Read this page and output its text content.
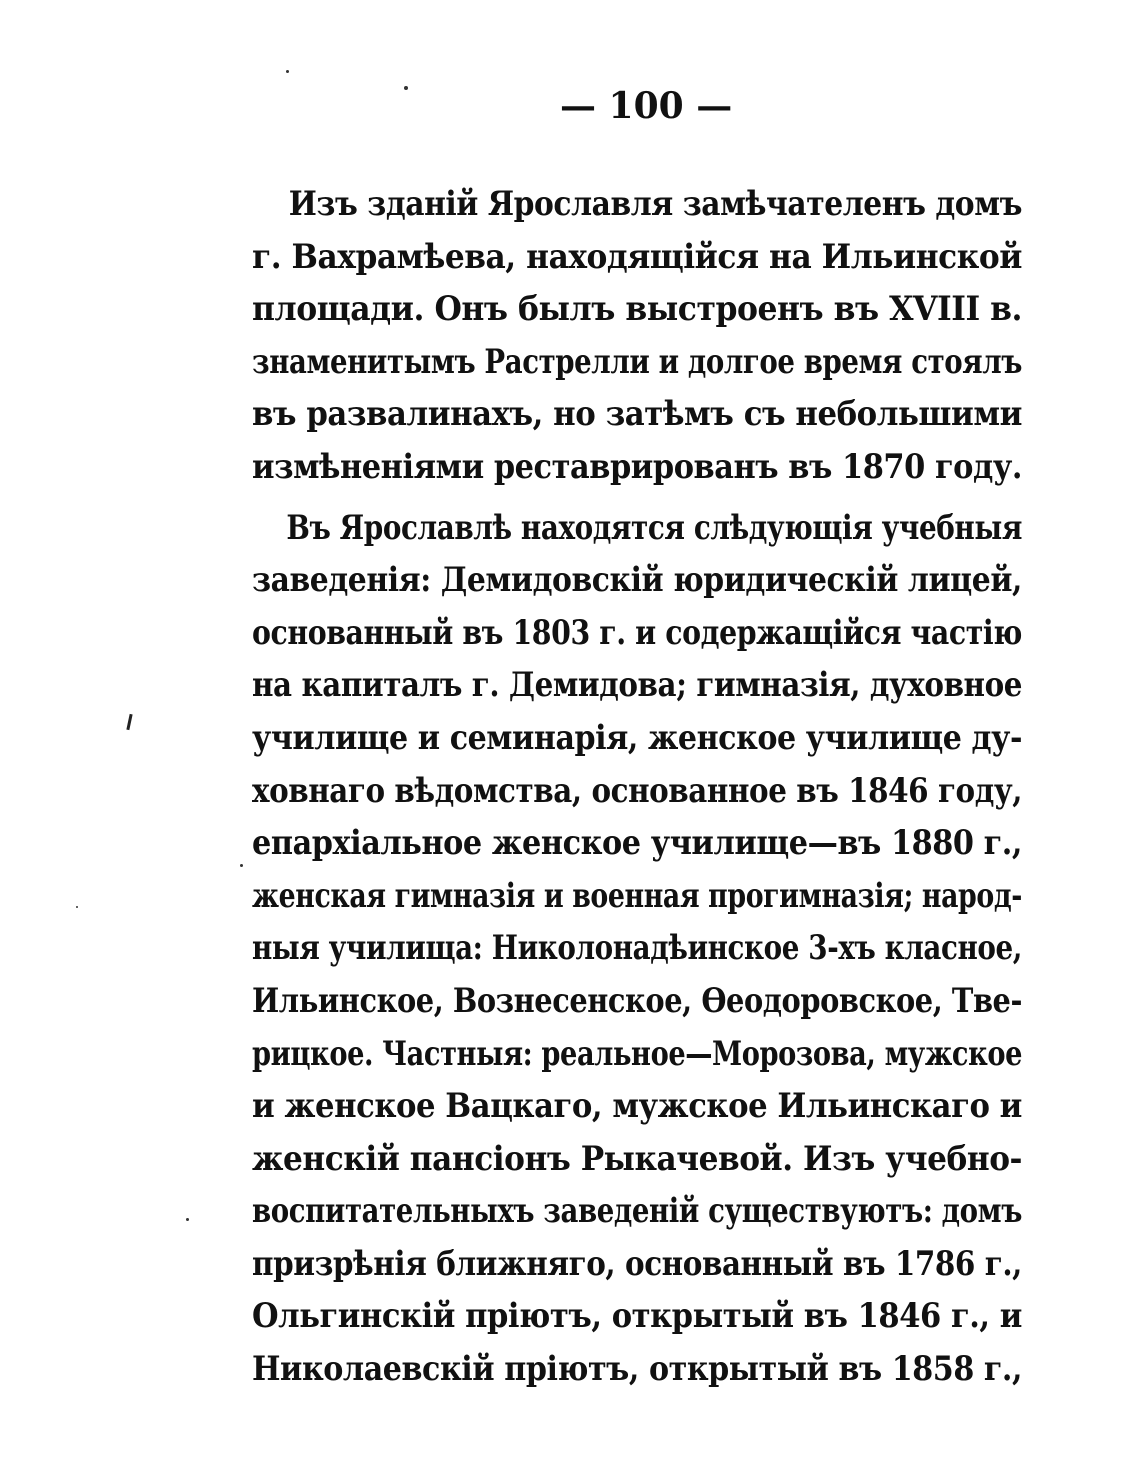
— 100 —
Изъ зданій Ярославля замѣчателенъ домъ
г. Вахрамѣева, находящійся на Ильинской
площади. Онъ былъ выстроенъ въ XVIII в.
знаменитымъ Растрелли и долгое время стоялъ
въ развалинахъ, но затѣмъ съ небольшими
измѣненіями реставрированъ въ 1870 году.
Въ Ярославлѣ находятся слѣдующія учебныя
заведенія: Демидовскій юридическій лицей,
основанный въ 1803 г. и содержащійся частію
на капиталъ г. Демидова; гимназія, духовное
училище и семинарія, женское училище ду-
ховнаго вѣдомства, основанное въ 1846 году,
епархіальное женское училище—въ 1880 г.,
женская гимназія и военная прогимназія; народ-
ныя училища: Николонадѣинское 3-хъ класное,
Ильинское, Вознесенское, Ѳеодоровское, Тве-
рицкое. Частныя: реальное—Морозова, мужское
и женское Вацкаго, мужское Ильинскаго и
женскій пансіонъ Рыкачевой. Изъ учебно-
воспитательныхъ заведеній существуютъ: домъ
призрѣнія ближняго, основанный въ 1786 г.,
Ольгинскій пріютъ, открытый въ 1846 г., и
Николаевскій пріютъ, открытый въ 1858 г.,
